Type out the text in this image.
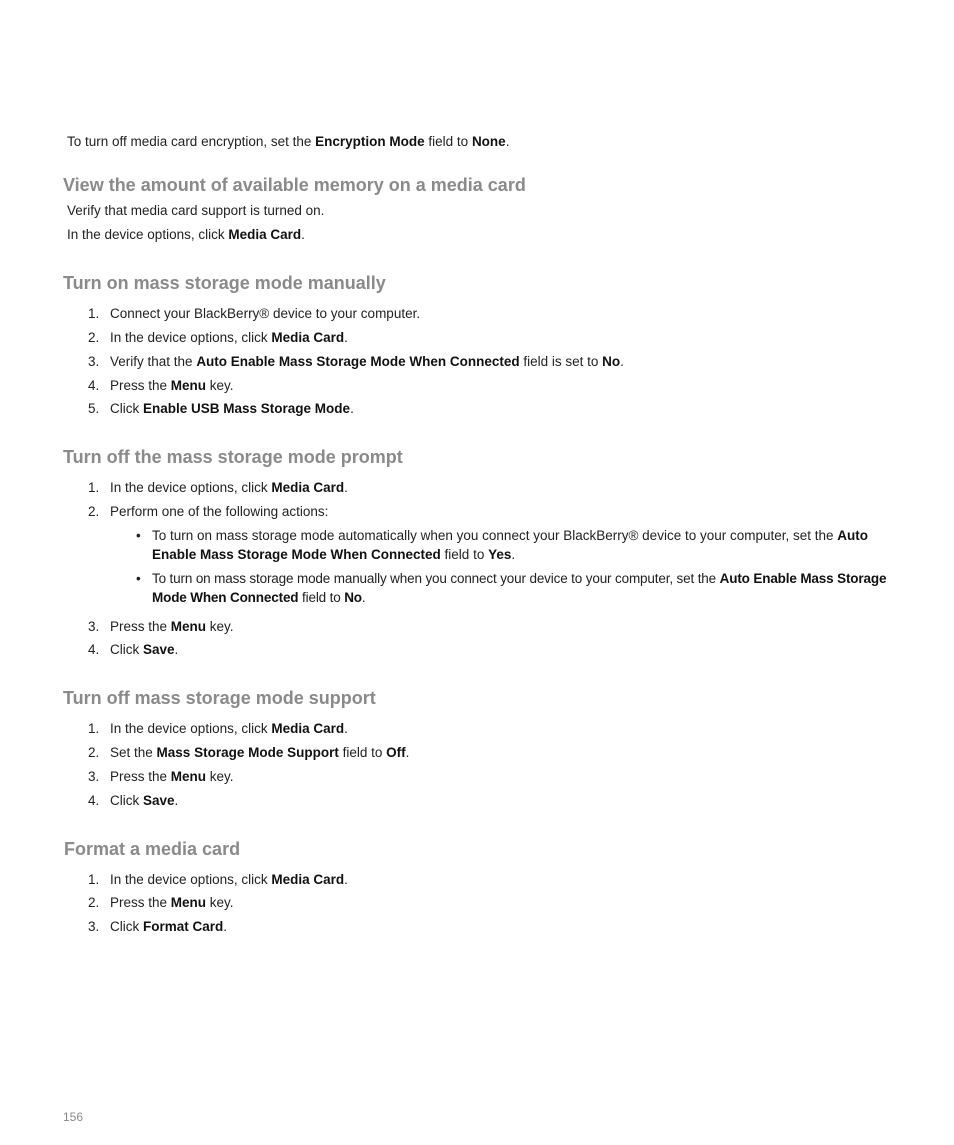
To turn off media card encryption, set the Encryption Mode field to None.

View the amount of available memory on a media card

Verify that media card support is turned on.

In the device options, click Media Card.

Turn on mass storage mode manually
1. Connect your BlackBerry® device to your computer.
2. In the device options, click Media Card.
3. Verify that the Auto Enable Mass Storage Mode When Connected field is set to No.
4. Press the Menu key.
5. Click Enable USB Mass Storage Mode.
Turn off the mass storage mode prompt
1. In the device options, click Media Card.
2. Perform one of the following actions:
• To turn on mass storage mode automatically when you connect your BlackBerry® device to your computer, set the Auto Enable Mass Storage Mode When Connected field to Yes.
• To turn on mass storage mode manually when you connect your device to your computer, set the Auto Enable Mass Storage Mode When Connected field to No.
3. Press the Menu key.
4. Click Save.
Turn off mass storage mode support
1. In the device options, click Media Card.
2. Set the Mass Storage Mode Support field to Off.
3. Press the Menu key.
4. Click Save.
Format a media card
1. In the device options, click Media Card.
2. Press the Menu key.
3. Click Format Card.
156
